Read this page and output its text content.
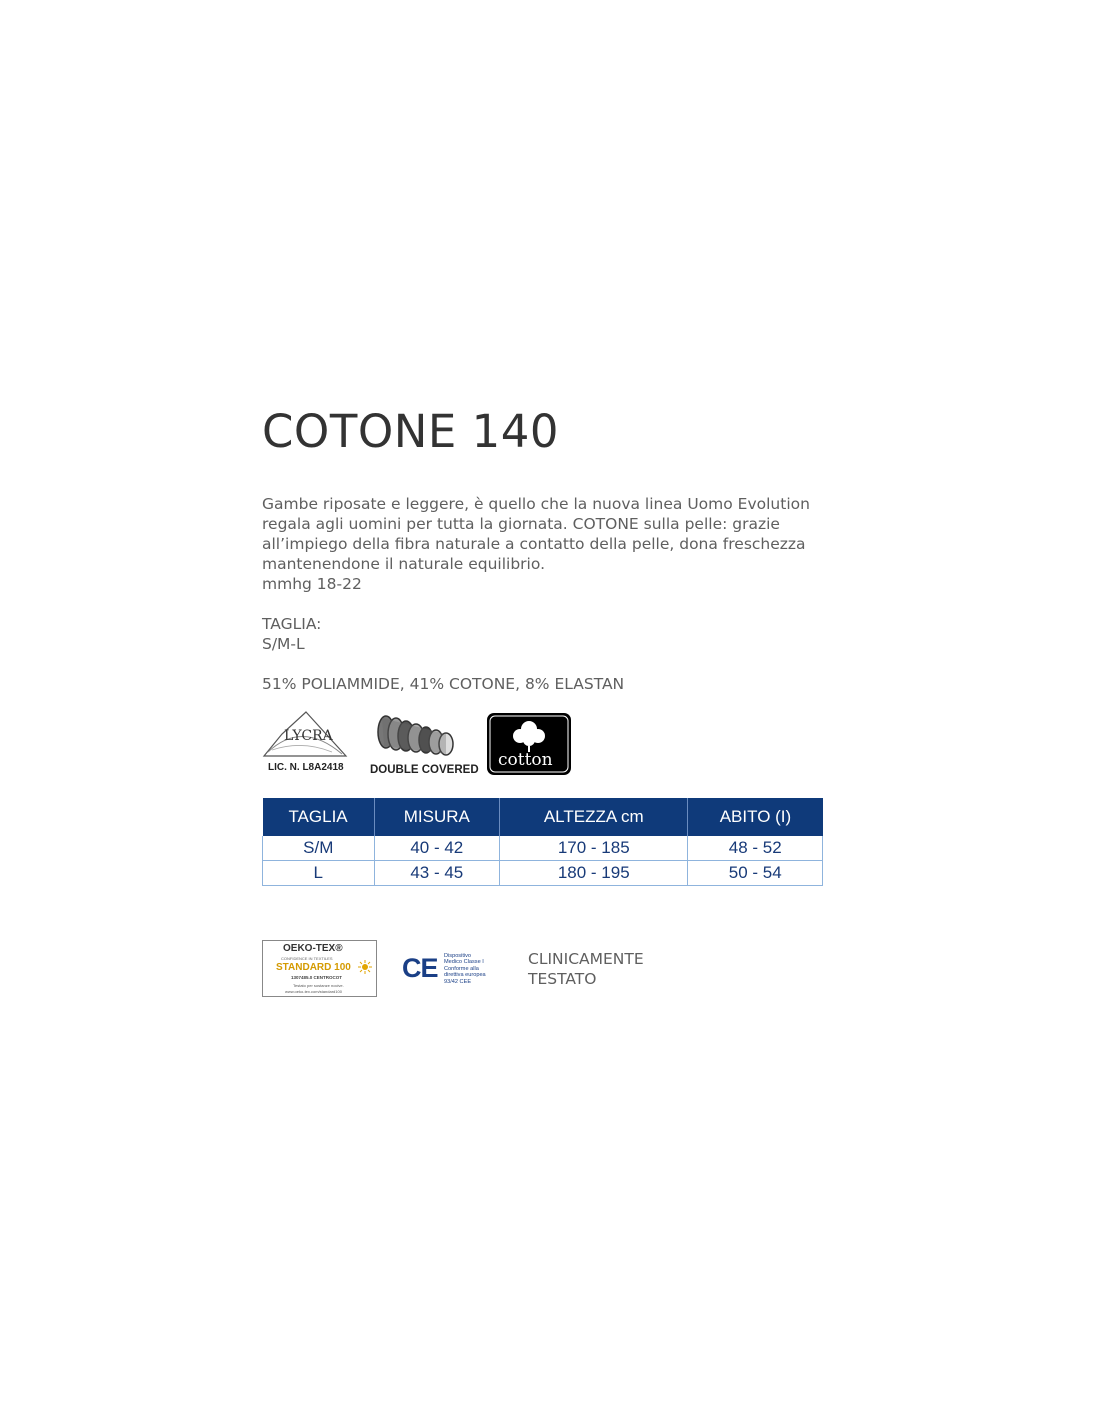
COTONE 140

Gambe riposate e leggere, è quello che la nuova linea Uomo Evolution

regala agli uomini per tutta la giornata. COTONE sulla pelle: grazie

all’impiego della fibra naturale a contatto della pelle, dona freschezza

mantenendone il naturale equilibrio.

mmhg 18-22

TAGLIA:
S/M-L
51% POLIAMMIDE, 41% COTONE, 8% ELASTAN
LYCRA
LIC. N. L8A2418 DOUBLE COVERED cotton
TAGLIA	MISURA	ALTEZZA cm	ABITO (I)
S/M	40 - 42	170 - 185	48 - 52
L	43 - 45	180 - 195	50 - 54
OEKO-TEX®
CONFIDENCE IN TEXTILES
STANDARD 100
1307485.0 CENTROCOT
Testato per sostanze nocive.
www.oeko-tex.com/standard100
CE Dispositivo
Medico Classe I
Conforme alla
direttiva europea
93/42 CEE
CLINICAMENTE
TESTATO
